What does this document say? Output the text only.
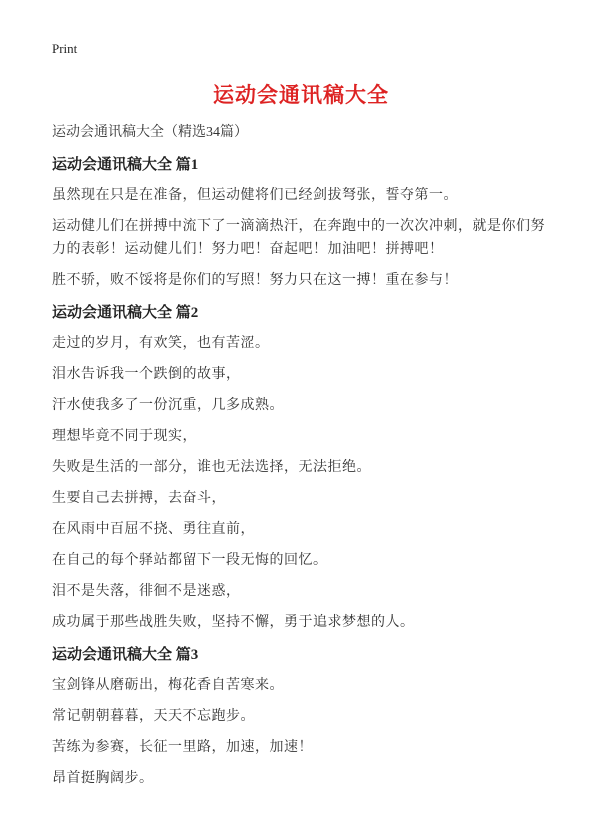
Print
运动会通讯稿大全

运动会通讯稿大全（精选34篇）

运动会通讯稿大全 篇1

虽然现在只是在准备，但运动健将们已经剑拔弩张，誓夺第一。

运动健儿们在拼搏中流下了一滴滴热汗，在奔跑中的一次次冲刺，就是你们努力的表彰！运动健儿们！努力吧！奋起吧！加油吧！拼搏吧！

胜不骄，败不馁将是你们的写照！努力只在这一搏！重在参与！

运动会通讯稿大全 篇2

走过的岁月，有欢笑，也有苦涩。

泪水告诉我一个跌倒的故事，

汗水使我多了一份沉重，几多成熟。

理想毕竟不同于现实，

失败是生活的一部分，谁也无法选择，无法拒绝。

生要自己去拼搏，去奋斗，

在风雨中百屈不挠、勇往直前，

在自己的每个驿站都留下一段无悔的回忆。

泪不是失落，徘徊不是迷惑，

成功属于那些战胜失败，坚持不懈，勇于追求梦想的人。

运动会通讯稿大全 篇3

宝剑锋从磨砺出，梅花香自苦寒来。

常记朝朝暮暮，天天不忘跑步。

苦练为参赛，长征一里路，加速，加速！

昂首挺胸阔步。
